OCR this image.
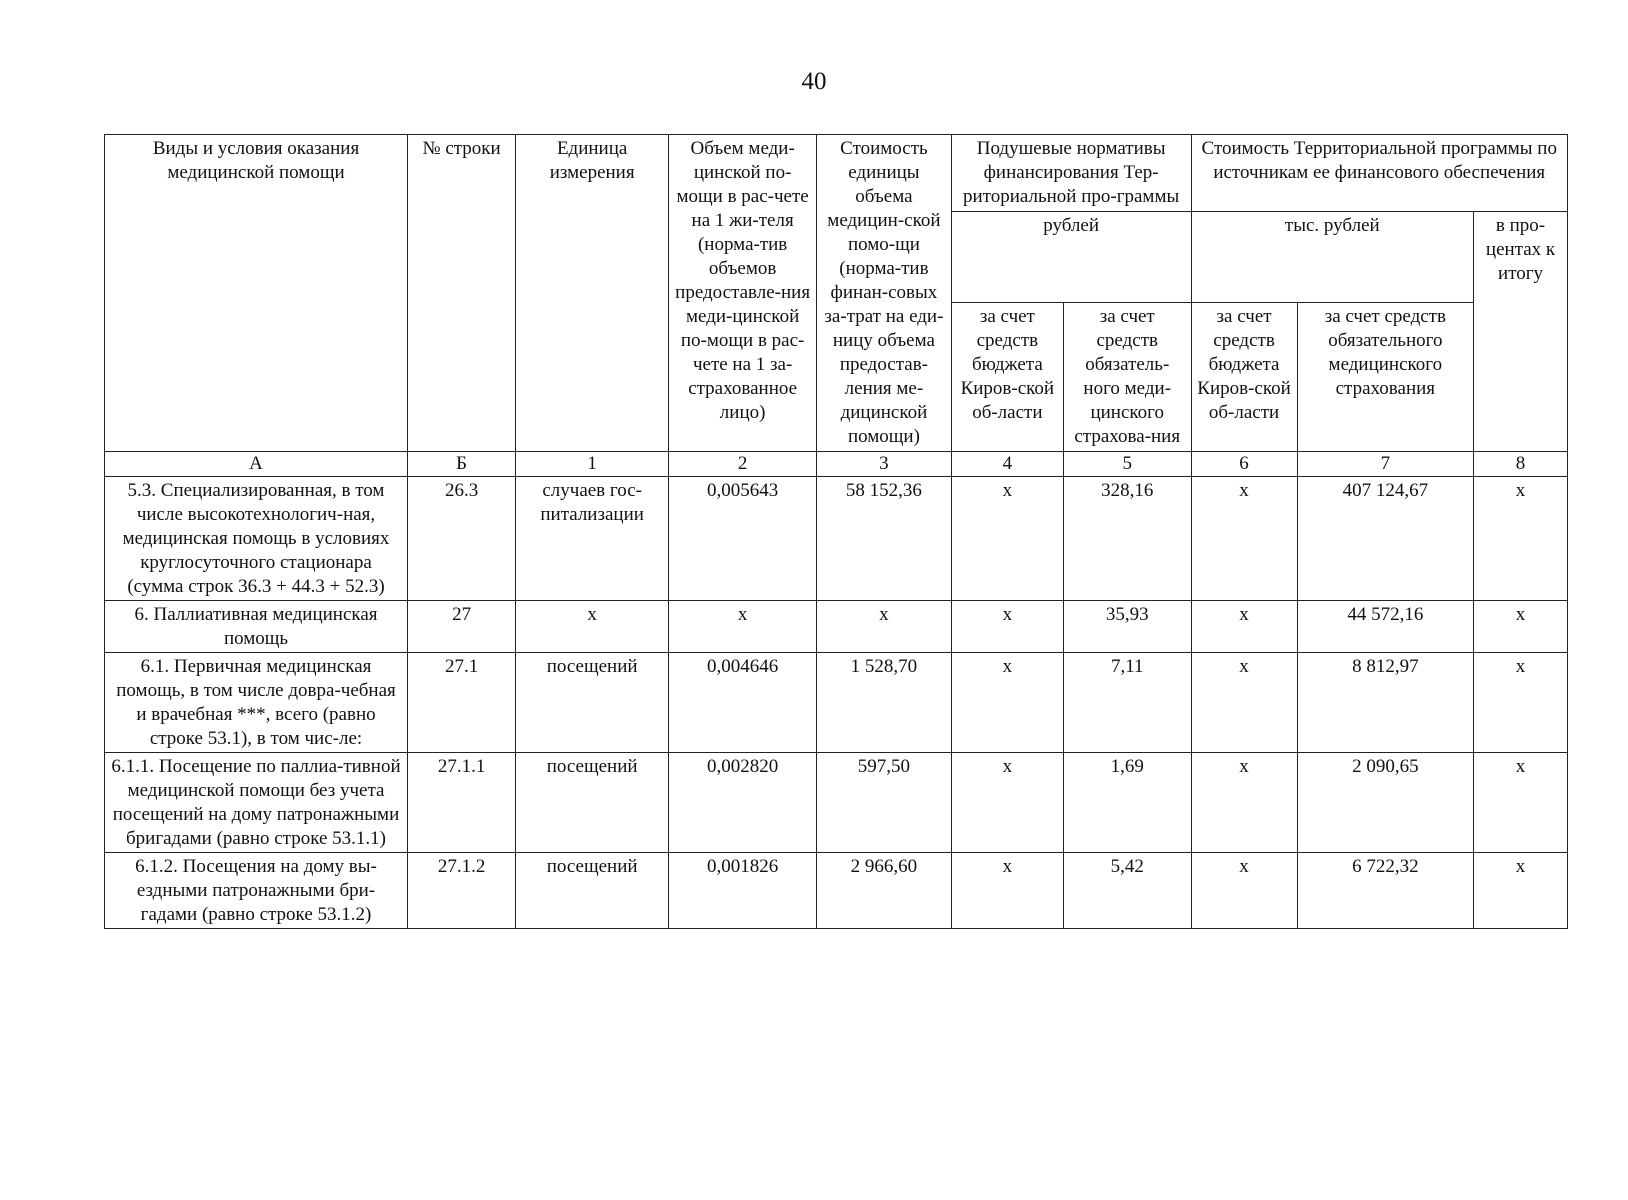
40
Виды и условия оказания медицинской помощи	№ строки	Единица измерения	Объем меди-цинской по-мощи в рас-чете на 1 жи-теля (норма-тив объемов предоставле-ния меди-цинской по-мощи в рас-чете на 1 за-страхованное лицо)	Стоимость единицы объема медицин-ской помо-щи (норма-тив финан-совых за-трат на еди-ницу объема предостав-ления ме-дицинской помощи)	Подушевые нормативы финансирования Тер-риториальной про-граммы		Стоимость Территориальной программы по источникам ее финансового обеспечения		
					рублей		тыс. рублей		в про-центах к итогу
					за счет средств бюджета Киров-ской об-ласти	за счет средств обязатель-ного меди-цинского страхова-ния	за счет средств бюджета Киров-ской об-ласти	за счет средств обязательного медицинского страхования	
А	Б	1	2	3	4	5	6	7	8
5.3. Специализированная, в том числе высокотехнологич-ная, медицинская помощь в условиях круглосуточного стационара (сумма строк 36.3 + 44.3 + 52.3)	26.3	случаев гос-питализации	0,005643	58 152,36	х	328,16	х	407 124,67	х
6. Паллиативная медицинская помощь	27	х	х	х	х	35,93	х	44 572,16	х
6.1. Первичная медицинская помощь, в том числе довра-чебная и врачебная ***, всего (равно строке 53.1), в том чис-ле:	27.1	посещений	0,004646	1 528,70	х	7,11	х	8 812,97	х
6.1.1. Посещение по паллиа-тивной медицинской помощи без учета посещений на дому патронажными бригадами (равно строке 53.1.1)	27.1.1	посещений	0,002820	597,50	х	1,69	х	2 090,65	х
6.1.2. Посещения на дому вы-ездными патронажными бри-гадами (равно строке 53.1.2)	27.1.2	посещений	0,001826	2 966,60	х	5,42	х	6 722,32	х
